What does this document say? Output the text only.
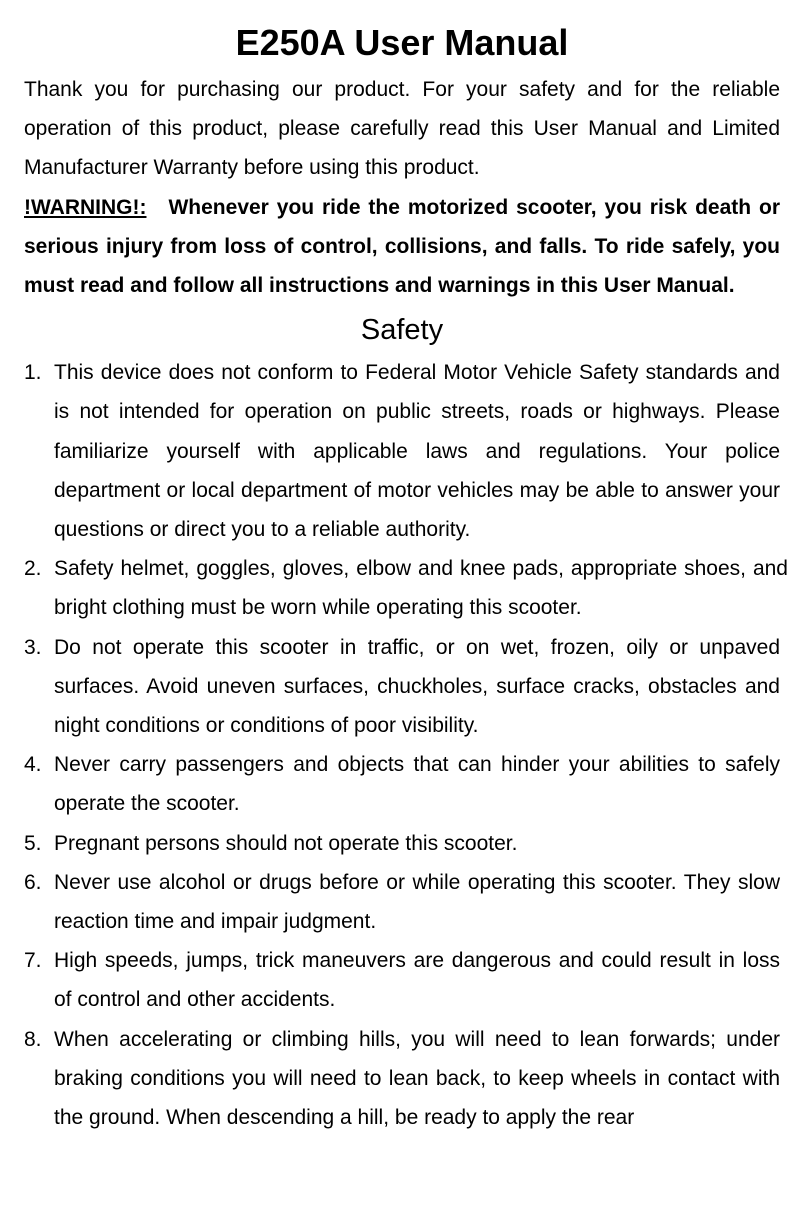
E250A User Manual

Thank you for purchasing our product. For your safety and for the reliable operation of this product, please carefully read this User Manual and Limited Manufacturer Warranty before using this product.

!WARNING!: Whenever you ride the motorized scooter, you risk death or serious injury from loss of control, collisions, and falls. To ride safely, you must read and follow all instructions and warnings in this User Manual.

Safety
1. This device does not conform to Federal Motor Vehicle Safety standards and is not intended for operation on public streets, roads or highways. Please familiarize yourself with applicable laws and regulations. Your police department or local department of motor vehicles may be able to answer your questions or direct you to a reliable authority.
2. Safety helmet, goggles, gloves, elbow and knee pads, appropriate shoes, and bright clothing must be worn while operating this scooter.
3. Do not operate this scooter in traffic, or on wet, frozen, oily or unpaved surfaces. Avoid uneven surfaces, chuckholes, surface cracks, obstacles and night conditions or conditions of poor visibility.
4. Never carry passengers and objects that can hinder your abilities to safely operate the scooter.
5. Pregnant persons should not operate this scooter.
6. Never use alcohol or drugs before or while operating this scooter. They slow reaction time and impair judgment.
7. High speeds, jumps, trick maneuvers are dangerous and could result in loss of control and other accidents.
8. When accelerating or climbing hills, you will need to lean forwards; under braking conditions you will need to lean back, to keep wheels in contact with the ground. When descending a hill, be ready to apply the rear
